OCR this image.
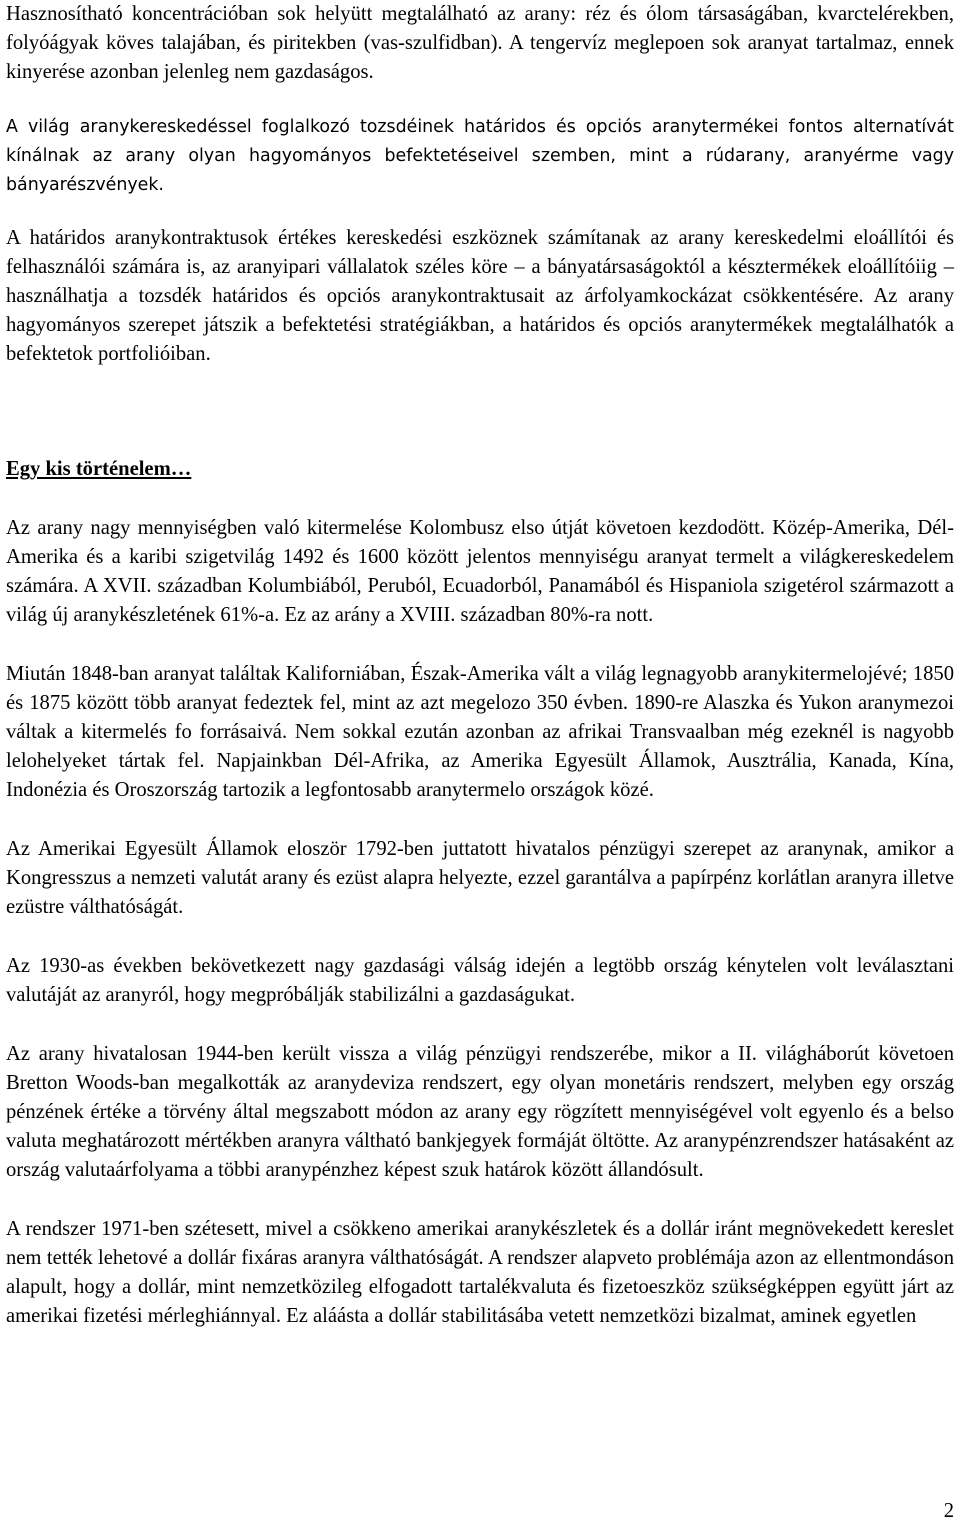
Hasznosítható koncentrációban sok helyütt megtalálható az arany: réz és ólom társaságában, kvarctelérekben, folyóágyak köves talajában, és piritekben (vas-szulfidban). A tengervíz meglepoen sok aranyat tartalmaz, ennek kinyerése azonban jelenleg nem gazdaságos.

A világ aranykereskedéssel foglalkozó tozsdéinek határidos és opciós aranytermékei fontos alternatívát kínálnak az arany olyan hagyományos befektetéseivel szemben, mint a rúdarany, aranyérme vagy bányarészvények.

A határidos aranykontraktusok értékes kereskedési eszköznek számítanak az arany kereskedelmi eloállítói és felhasználói számára is, az aranyipari vállalatok széles köre – a bányatársaságoktól a késztermékek eloállítóiig – használhatja a tozsdék határidos és opciós aranykontraktusait az árfolyamkockázat csökkentésére. Az arany hagyományos szerepet játszik a befektetési stratégiákban, a határidos és opciós aranytermékek megtalálhatók a befektetok portfolióiban.

Egy kis történelem…

Az arany nagy mennyiségben való kitermelése Kolombusz elso útját követoen kezdodött. Közép-Amerika, Dél-Amerika és a karibi szigetvilág 1492 és 1600 között jelentos mennyiségu aranyat termelt a világkereskedelem számára. A XVII. században Kolumbiából, Peruból, Ecuadorból, Panamából és Hispaniola szigetérol származott a világ új aranykészletének 61%-a. Ez az arány a XVIII. században 80%-ra nott.

Miután 1848-ban aranyat találtak Kaliforniában, Észak-Amerika vált a világ legnagyobb aranykitermelojévé; 1850 és 1875 között több aranyat fedeztek fel, mint az azt megelozo 350 évben. 1890-re Alaszka és Yukon aranymezoi váltak a kitermelés fo forrásaivá. Nem sokkal ezután azonban az afrikai Transvaalban még ezeknél is nagyobb lelohelyeket tártak fel. Napjainkban Dél-Afrika, az Amerika Egyesült Államok, Ausztrália, Kanada, Kína, Indonézia és Oroszország tartozik a legfontosabb aranytermelo országok közé.

Az Amerikai Egyesült Államok eloször 1792-ben juttatott hivatalos pénzügyi szerepet az aranynak, amikor a Kongresszus a nemzeti valutát arany és ezüst alapra helyezte, ezzel garantálva a papírpénz korlátlan aranyra illetve ezüstre válthatóságát.

Az 1930-as években bekövetkezett nagy gazdasági válság idején a legtöbb ország kénytelen volt leválasztani valutáját az aranyról, hogy megpróbálják stabilizálni a gazdaságukat.

Az arany hivatalosan 1944-ben került vissza a világ pénzügyi rendszerébe, mikor a II. világháborút követoen Bretton Woods-ban megalkották az aranydeviza rendszert, egy olyan monetáris rendszert, melyben egy ország pénzének értéke a törvény által megszabott módon az arany egy rögzített mennyiségével volt egyenlo és a belso valuta meghatározott mértékben aranyra váltható bankjegyek formáját öltötte. Az aranypénzrendszer hatásaként az ország valutaárfolyama a többi aranypénzhez képest szuk határok között állandósult.

A rendszer 1971-ben szétesett, mivel a csökkeno amerikai aranykészletek és a dollár iránt megnövekedett kereslet nem tették lehetové a dollár fixáras aranyra válthatóságát. A rendszer alapveto problémája azon az ellentmondáson alapult, hogy a dollár, mint nemzetközileg elfogadott tartalékvaluta és fizetoeszköz szükségképpen együtt járt az amerikai fizetési mérleghiánnyal. Ez aláásta a dollár stabilitásába vetett nemzetközi bizalmat, aminek egyetlen

2
